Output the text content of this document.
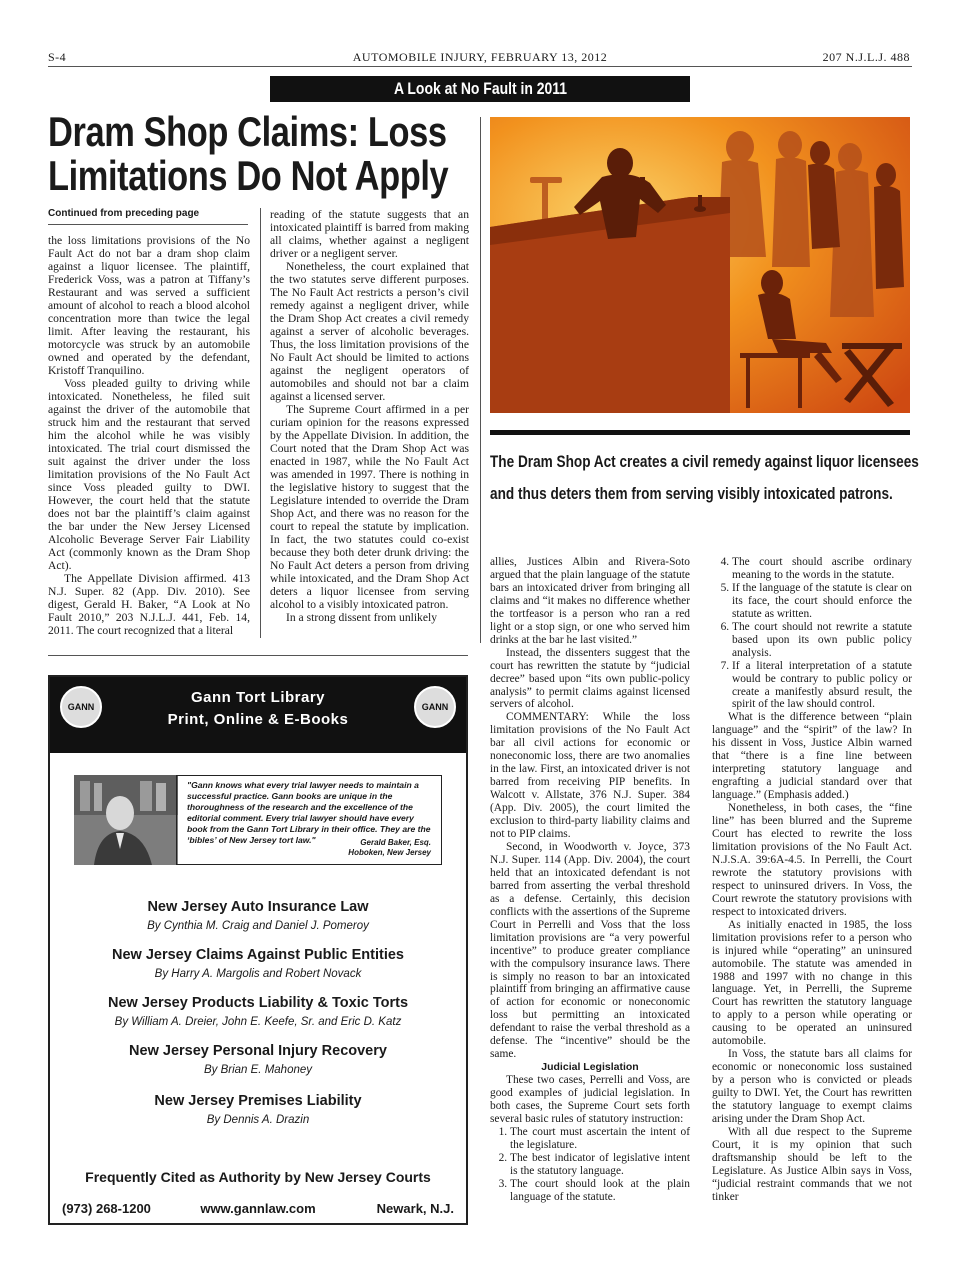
S-4	AUTOMOBILE INJURY, FEBRUARY 13, 2012	207 N.J.L.J. 488
A Look at No Fault in 2011
Dram Shop Claims: Loss
Limitations Do Not Apply
Continued from preceding page

the loss limitations provisions of the No Fault Act do not bar a dram shop claim against a liquor licensee. The plaintiff, Frederick Voss, was a patron at Tiffany’s Restaurant and was served a sufficient amount of alcohol to reach a blood alcohol concentration more than twice the legal limit. After leaving the restaurant, his motorcycle was struck by an automobile owned and operated by the defendant, Kristoff Tranquilino.

Voss pleaded guilty to driving while intoxicated. Nonetheless, he filed suit against the driver of the automobile that struck him and the restaurant that served him the alcohol while he was visibly intoxicated. The trial court dismissed the suit against the driver under the loss limitation provisions of the No Fault Act since Voss pleaded guilty to DWI. However, the court held that the statute does not bar the plaintiff’s claim against the bar under the New Jersey Licensed Alcoholic Beverage Server Fair Liability Act (commonly known as the Dram Shop Act).

The Appellate Division affirmed. 413 N.J. Super. 82 (App. Div. 2010). See digest, Gerald H. Baker, “A Look at No Fault 2010,” 203 N.J.L.J. 441, Feb. 14, 2011. The court recognized that a literal

reading of the statute suggests that an intoxicated plaintiff is barred from making all claims, whether against a negligent driver or a negligent server.

Nonetheless, the court explained that the two statutes serve different purposes. The No Fault Act restricts a person’s civil remedy against a negligent driver, while the Dram Shop Act creates a civil remedy against a server of alcoholic beverages. Thus, the loss limitation provisions of the No Fault Act should be limited to actions against the negligent operators of automobiles and should not bar a claim against a licensed server.

The Supreme Court affirmed in a per curiam opinion for the reasons expressed by the Appellate Division. In addition, the Court noted that the Dram Shop Act was enacted in 1987, while the No Fault Act was amended in 1997. There is nothing in the legislative history to suggest that the Legislature intended to override the Dram Shop Act, and there was no reason for the court to repeal the statute by implication. In fact, the two statutes could co-exist because they both deter drunk driving: the No Fault Act deters a person from driving while intoxicated, and the Dram Shop Act deters a liquor licensee from serving alcohol to a visibly intoxicated patron.

In a strong dissent from unlikely

The Dram Shop Act creates a civil remedy against liquor licensees
and thus deters them from serving visibly intoxicated patrons.

allies, Justices Albin and Rivera-Soto argued that the plain language of the statute bars an intoxicated driver from bringing all claims and “it makes no difference whether the tortfeasor is a person who ran a red light or a stop sign, or one who served him drinks at the bar he last visited.”

Instead, the dissenters suggest that the court has rewritten the statute by “judicial decree” based upon “its own public-policy analysis” to permit claims against licensed servers of alcohol.

COMMENTARY: While the loss limitation provisions of the No Fault Act bar all civil actions for economic or noneconomic loss, there are two anomalies in the law. First, an intoxicated driver is not barred from receiving PIP benefits. In Walcott v. Allstate, 376 N.J. Super. 384 (App. Div. 2005), the court limited the exclusion to third-party liability claims and not to PIP claims.

Second, in Woodworth v. Joyce, 373 N.J. Super. 114 (App. Div. 2004), the court held that an intoxicated defendant is not barred from asserting the verbal threshold as a defense. Certainly, this decision conflicts with the assertions of the Supreme Court in Perrelli and Voss that the loss limitation provisions are “a very powerful incentive” to produce greater compliance with the compulsory insurance laws. There is simply no reason to bar an intoxicated plaintiff from bringing an affirmative cause of action for economic or noneconomic loss but permitting an intoxicated defendant to raise the verbal threshold as a defense. The “incentive” should be the same.

Judicial Legislation

These two cases, Perrelli and Voss, are good examples of judicial legislation. In both cases, the Supreme Court sets forth several basic rules of statutory instruction:

1. The court must ascertain the intent of the legislature.
2. The best indicator of legislative intent is the statutory language.
3. The court should look at the plain language of the statute.
4. The court should ascribe ordinary meaning to the words in the statute.
5. If the language of the statute is clear on its face, the court should enforce the statute as written.
6. The court should not rewrite a statute based upon its own public policy analysis.
7. If a literal interpretation of a statute would be contrary to public policy or create a manifestly absurd result, the spirit of the law should control.

What is the difference between “plain language” and the “spirit” of the law? In his dissent in Voss, Justice Albin warned that “there is a fine line between interpreting statutory language and engrafting a judicial standard over that language.” (Emphasis added.)

Nonetheless, in both cases, the “fine line” has been blurred and the Supreme Court has elected to rewrite the loss limitation provisions of the No Fault Act. N.J.S.A. 39:6A-4.5. In Perrelli, the Court rewrote the statutory provisions with respect to uninsured drivers. In Voss, the Court rewrote the statutory provisions with respect to intoxicated drivers.

As initially enacted in 1985, the loss limitation provisions refer to a person who is injured while “operating” an uninsured automobile. The statute was amended in 1988 and 1997 with no change in this language. Yet, in Perrelli, the Supreme Court has rewritten the statutory language to apply to a person while operating or causing to be operated an uninsured automobile.

In Voss, the statute bars all claims for economic or noneconomic loss sustained by a person who is convicted or pleads guilty to DWI. Yet, the Court has rewritten the statutory language to exempt claims arising under the Dram Shop Act.

With all due respect to the Supreme Court, it is my opinion that such draftsmanship should be left to the Legislature. As Justice Albin says in Voss, “judicial restraint commands that we not tinker

GANN
Gann Tort Library
Print, Online & E-Books
GANN
"Gann knows what every trial lawyer needs to maintain a successful practice. Gann books are unique in the thoroughness of the research and the excellence of the editorial comment. Every trial lawyer should have every book from the Gann Tort Library in their office. They are the ‘bibles’ of New Jersey tort law."	Gerald Baker, Esq.
Hoboken, New Jersey
New Jersey Auto Insurance Law
By Cynthia M. Craig and Daniel J. Pomeroy
New Jersey Claims Against Public Entities
By Harry A. Margolis and Robert Novack
New Jersey Products Liability & Toxic Torts
By William A. Dreier, John E. Keefe, Sr. and Eric D. Katz
New Jersey Personal Injury Recovery
By Brian E. Mahoney
New Jersey Premises Liability
By Dennis A. Drazin
Frequently Cited as Authority by New Jersey Courts
(973) 268-1200	www.gannlaw.com	Newark, N.J.
